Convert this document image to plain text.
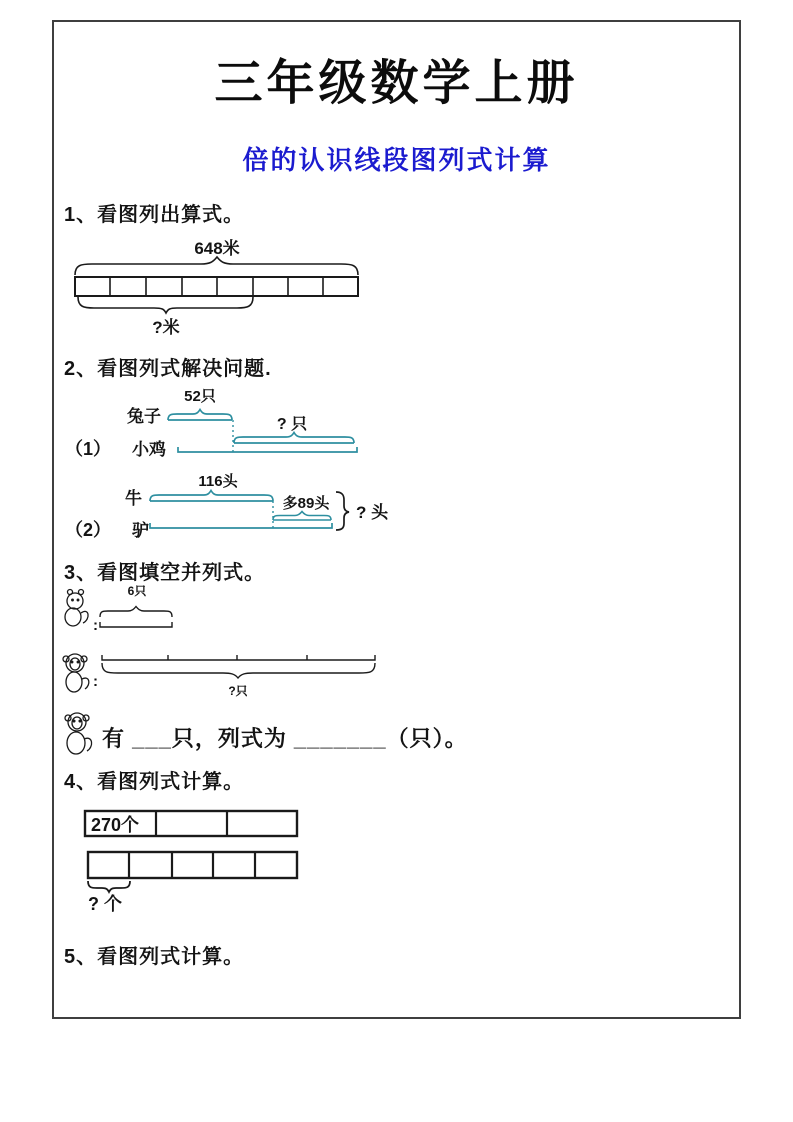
三年级数学上册
倍的认识线段图列式计算
1、看图列出算式。
648米
?米
2、看图列式解决问题.
52只
兔子
（1） 小鸡
? 只
116头
牛
（2） 驴
多89头 ? 头
3、看图填空并列式。
:
6只
:
?只
有 ___只，列式为 _______（只）。
4、看图列式计算。
270个
? 个
5、看图列式计算。
